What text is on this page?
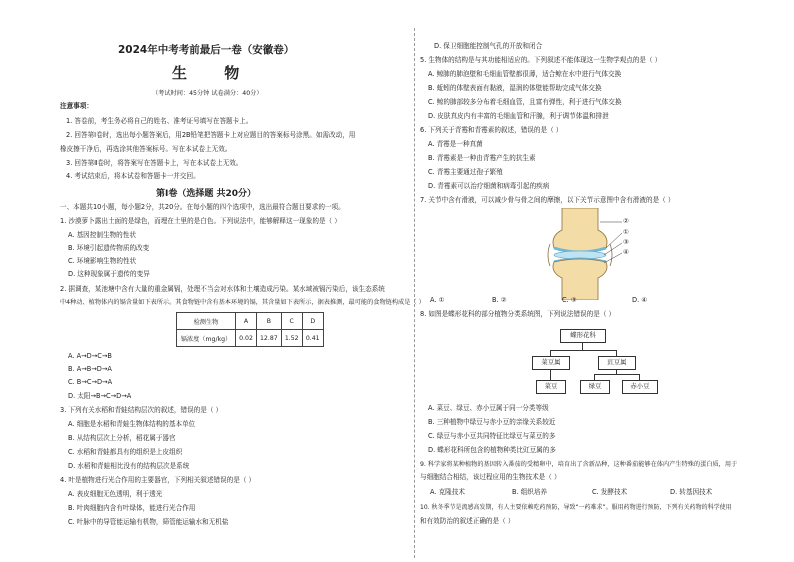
2024年中考考前最后一卷（安徽卷）
生 物
（考试时间：45分钟 试卷满分：40分）
注意事项：
1. 答卷前，考生务必将自己的姓名、准考证号填写在答题卡上。
2. 回答第Ⅰ卷时，选出每小题答案后，用2B铅笔把答题卡上对应题目的答案标号涂黑。如需改动，用
橡皮擦干净后，再选涂其他答案标号。写在本试卷上无效。
3. 回答第Ⅱ卷时，将答案写在答题卡上，写在本试卷上无效。
4. 考试结束后，将本试卷和答题卡一并交回。
第Ⅰ卷（选择题 共20分）
一、本题共10小题，每小题2分，共20分。在每小题的四个选项中，选出最符合题目要求的一项。
1. 沙漠萝卜露出土面的是绿色，而埋在土里的是白色。下列说法中，能够解释这一现象的是（ ）
A. 基因控制生物的性状
B. 环境引起遗传物质的改变
C. 环境影响生物的性状
D. 这种现象属于遗传的变异
2. 据调查，某池塘中含有大量的重金属镉，处理不当会对水体和土壤造成污染。某水域被镉污染后，该生态系统
中4种动、植物体内的镉含量如下表所示。其食物链中含有基本环境的镉，其含量如下表所示，据表推测，最可能的食物链构成是（ ）
检测生物	A	B	C	D
镉浓度（mg/kg）	0.02	12.87	1.52	0.41
A. A→D→C→B
B. A→B→D→A
C. B→C→D→A
D. 太阳→B→C→D→A
3. 下列有关水稻和青蛙结构层次的叙述，错误的是（ ）
A. 细胞是水稻和青蛙生物体结构的基本单位
B. 从结构层次上分析，稻花属于器官
C. 水稻和青蛙都具有的组织是上皮组织
D. 水稻和青蛙相比没有的结构层次是系统
4. 叶是植物进行光合作用的主要器官，下列相关叙述错误的是（ ）
A. 表皮细胞无色透明，利于透光
B. 叶肉细胞内含有叶绿体，能进行光合作用
C. 叶脉中的导管能运输有机物，筛管能运输水和无机盐
D. 保卫细胞能控制气孔的开放和闭合
5. 生物体的结构是与其功能相适应的。下列叙述不能体现这一生物学观点的是（ ）
A. 鲸肺的肺泡壁和毛细血管壁都很薄，适合鲸在水中进行气体交换
B. 蚯蚓的体壁表面有黏液，湿润的体壁能帮助完成气体交换
C. 鲸的肺部较多分布着毛细血管，且富有弹性，利于进行气体交换
D. 皮肤真皮内有丰富的毛细血管和汗腺，利于调节体温和排泄
6. 下列关于青霉和青霉素的叙述，错误的是（ ）
A. 青霉是一种真菌
B. 青霉素是一种由青霉产生的抗生素
C. 青霉主要通过孢子繁殖
D. 青霉素可以治疗细菌和病毒引起的疾病
7. 关节中含有滑液，可以减少骨与骨之间的摩擦，以下关节示意图中含有滑液的是（ ）
②
①
③
④
A. ①	B. ②	C. ③	D. ④
8. 如图是蝶形花科的部分植物分类系统图，下列说法错误的是（ ）
蝶形花科
菜豆属	豇豆属
菜豆	绿豆	赤小豆
A. 菜豆、绿豆、赤小豆属于同一分类等级
B. 三种植物中绿豆与赤小豆的亲缘关系较近
C. 绿豆与赤小豆共同特征比绿豆与菜豆的多
D. 蝶形花科所包含的植物种类比豇豆属的多
9. 科学家将某种植物的基因转入番茄的受精卵中，培育出了含新品种，这种番茄能够在体内产生特殊的蛋白质，用于
与细胞结合相结，该过程应用的生物技术是（ ）
A. 克隆技术	B. 组织培养	C. 发酵技术	D. 转基因技术
10. 秋冬季节是流感高发期，有人主要依赖吃药预防，导致“一药难求”。服用药物进行预防，下列有关药物的科学使用
和有效防治的叙述正确的是（ ）
